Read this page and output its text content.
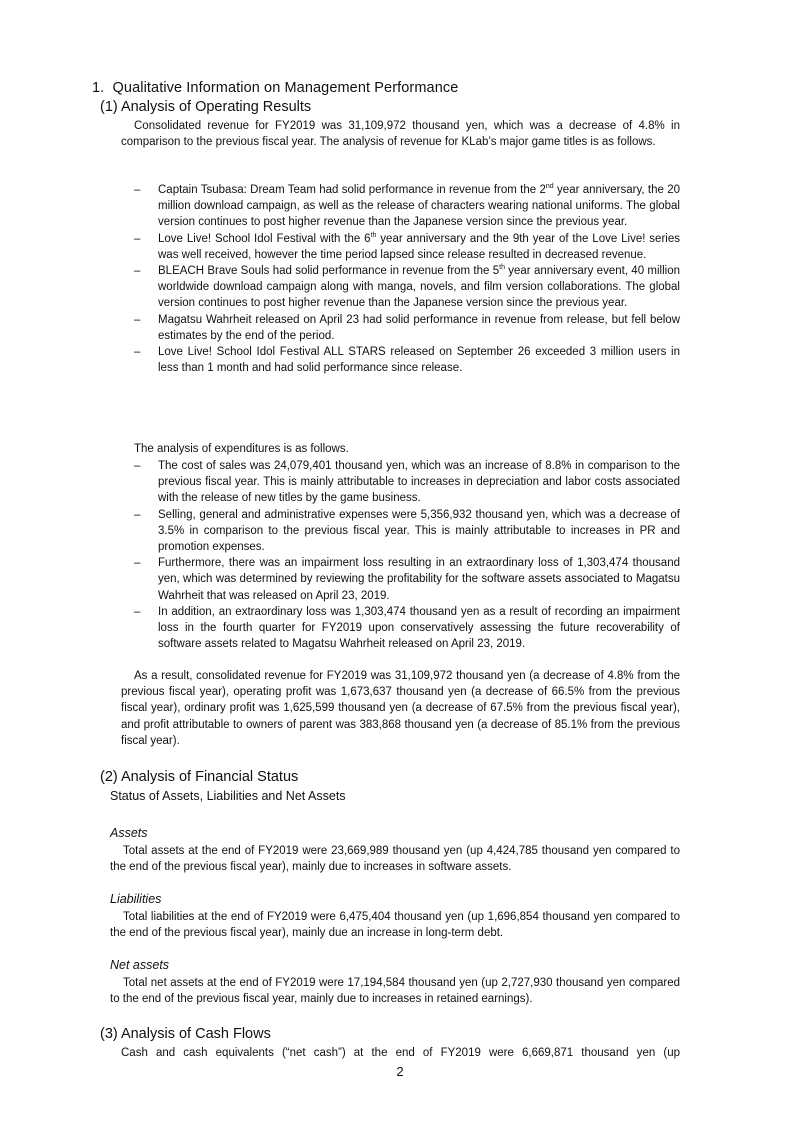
1.  Qualitative Information on Management Performance
(1) Analysis of Operating Results

Consolidated revenue for FY2019 was 31,109,972 thousand yen, which was a decrease of 4.8% in comparison to the previous fiscal year. The analysis of revenue for KLab’s major game titles is as follows.

– Captain Tsubasa: Dream Team had solid performance in revenue from the 2nd year anniversary, the 20 million download campaign, as well as the release of characters wearing national uniforms. The global version continues to post higher revenue than the Japanese version since the previous year.
– Love Live! School Idol Festival with the 6th year anniversary and the 9th year of the Love Live! series was well received, however the time period lapsed since release resulted in decreased revenue.
– BLEACH Brave Souls had solid performance in revenue from the 5th year anniversary event, 40 million worldwide download campaign along with manga, novels, and film version collaborations. The global version continues to post higher revenue than the Japanese version since the previous year.
– Magatsu Wahrheit released on April 23 had solid performance in revenue from release, but fell below estimates by the end of the period.
– Love Live! School Idol Festival ALL STARS released on September 26 exceeded 3 million users in less than 1 month and had solid performance since release.

The analysis of expenditures is as follows.

– The cost of sales was 24,079,401 thousand yen, which was an increase of 8.8% in comparison to the previous fiscal year. This is mainly attributable to increases in depreciation and labor costs associated with the release of new titles by the game business.
– Selling, general and administrative expenses were 5,356,932 thousand yen, which was a decrease of 3.5% in comparison to the previous fiscal year. This is mainly attributable to increases in PR and promotion expenses.
– Furthermore, there was an impairment loss resulting in an extraordinary loss of 1,303,474 thousand yen, which was determined by reviewing the profitability for the software assets associated to Magatsu Wahrheit that was released on April 23, 2019.
– In addition, an extraordinary loss was 1,303,474 thousand yen as a result of recording an impairment loss in the fourth quarter for FY2019 upon conservatively assessing the future recoverability of software assets related to Magatsu Wahrheit released on April 23, 2019.

As a result, consolidated revenue for FY2019 was 31,109,972 thousand yen (a decrease of 4.8% from the previous fiscal year), operating profit was 1,673,637 thousand yen (a decrease of 66.5% from the previous fiscal year), ordinary profit was 1,625,599 thousand yen (a decrease of 67.5% from the previous fiscal year), and profit attributable to owners of parent was 383,868 thousand yen (a decrease of 85.1% from the previous fiscal year).

(2) Analysis of Financial Status
Status of Assets, Liabilities and Net Assets

Assets

Total assets at the end of FY2019 were 23,669,989 thousand yen (up 4,424,785 thousand yen compared to the end of the previous fiscal year), mainly due to increases in software assets.

Liabilities

Total liabilities at the end of FY2019 were 6,475,404 thousand yen (up 1,696,854 thousand yen compared to the end of the previous fiscal year), mainly due an increase in long-term debt.

Net assets

Total net assets at the end of FY2019 were 17,194,584 thousand yen (up 2,727,930 thousand yen compared to the end of the previous fiscal year, mainly due to increases in retained earnings).

(3) Analysis of Cash Flows

Cash and cash equivalents (“net cash”) at the end of FY2019 were 6,669,871 thousand yen (up

2
